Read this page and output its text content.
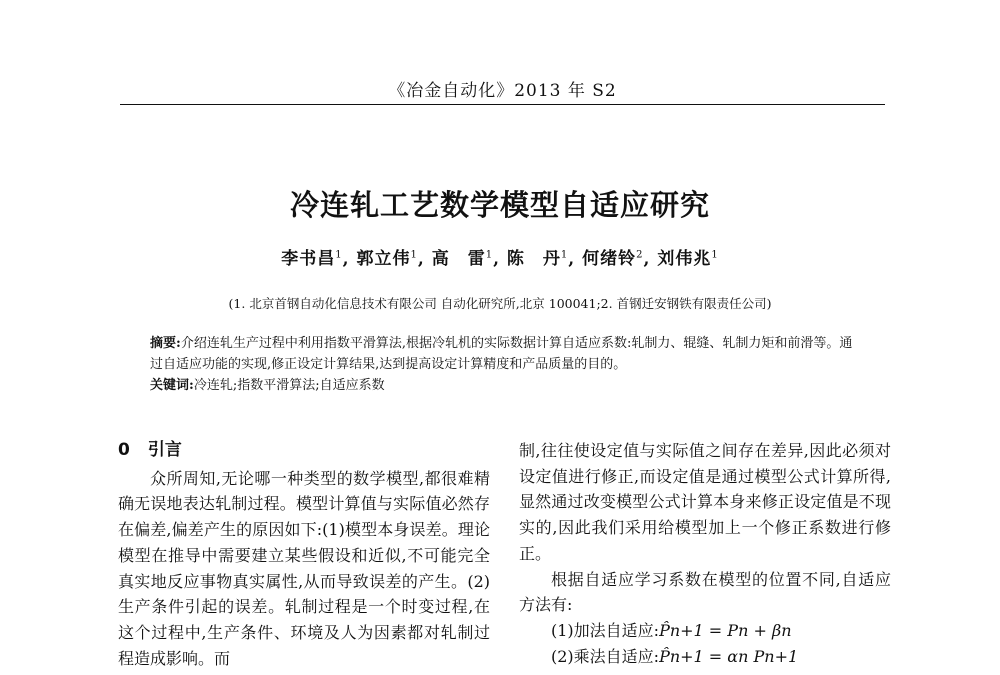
《冶金自动化》2013 年 S2
冷连轧工艺数学模型自适应研究
李书昌$^1$, 郭立伟$^1$, 高　雷$^1$, 陈　丹$^1$, 何绪铃$^2$, 刘伟兆$^1$
(1. 北京首钢自动化信息技术有限公司 自动化研究所,北京 100041;2. 首钢迁安钢铁有限责任公司)
摘要:介绍连轧生产过程中利用指数平滑算法,根据冷轧机的实际数据计算自适应系数:轧制力、辊缝、轧制力矩和前滑等。通过自适应功能的实现,修正设定计算结果,达到提高设定计算精度和产品质量的目的。
关键词:冷连轧;指数平滑算法;自适应系数
0 引言

众所周知,无论哪一种类型的数学模型,都很难精确无误地表达轧制过程。模型计算值与实际值必然存在偏差,偏差产生的原因如下:(1)模型本身误差。理论模型在推导中需要建立某些假设和近似,不可能完全真实地反应事物真实属性,从而导致误差的产生。(2)生产条件引起的误差。轧制过程是一个时变过程,在这个过程中,生产条件、环境及人为因素都对轧制过程造成影响。而

制,往往使设定值与实际值之间存在差异,因此必须对设定值进行修正,而设定值是通过模型公式计算所得,显然通过改变模型公式计算本身来修正设定值是不现实的,因此我们采用给模型加上一个修正系数进行修正。

根据自适应学习系数在模型的位置不同,自适应方法有:

(1)加法自适应:P̂n+1 = Pn + βn

(2)乘法自适应:P̂n+1 = αn Pn+1
